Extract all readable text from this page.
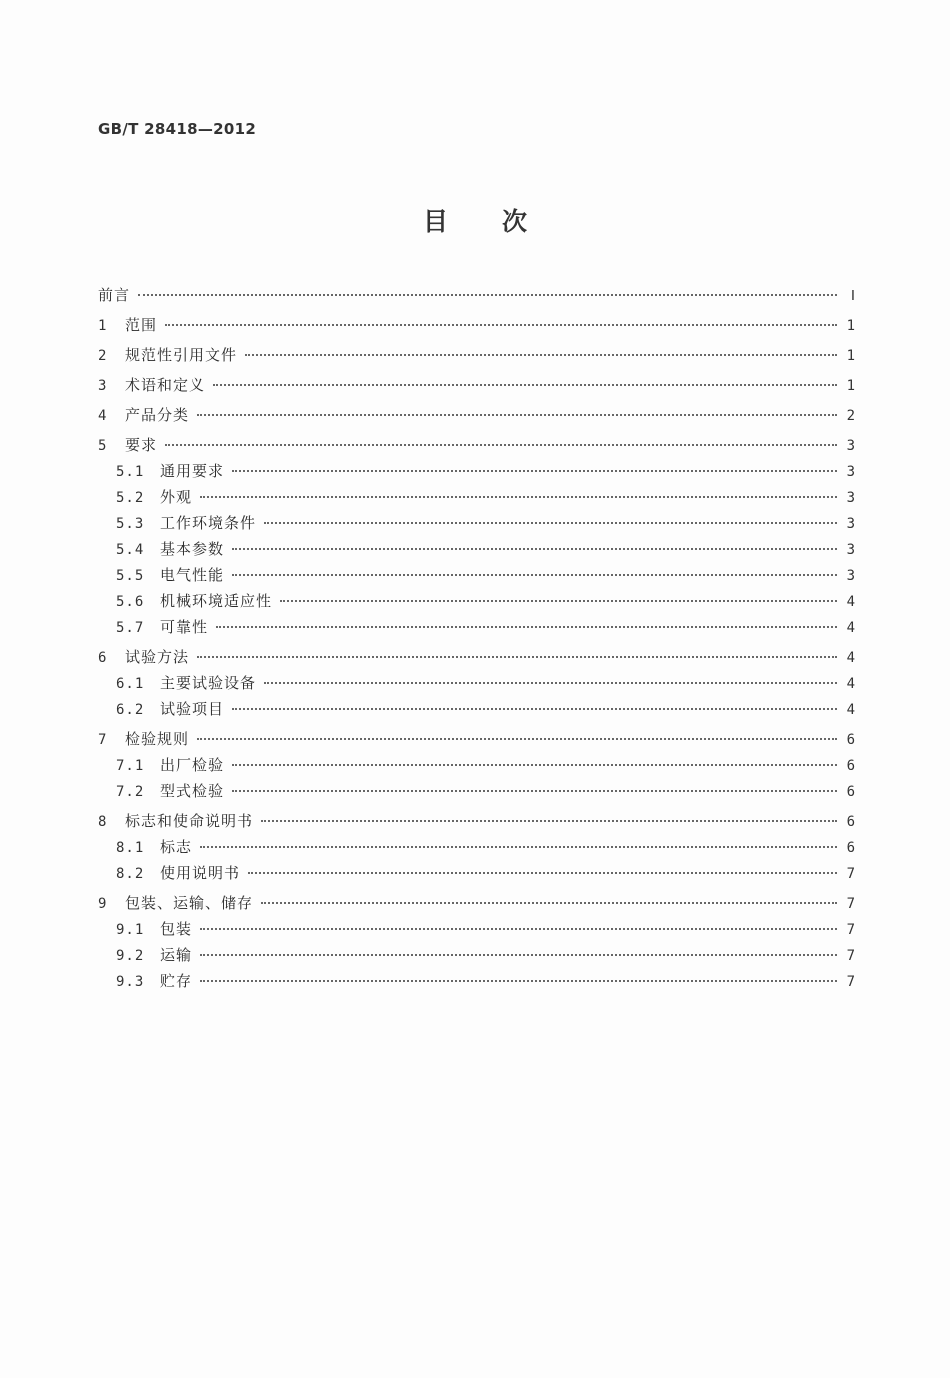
GB/T 28418—2012
目 次
前言	Ⅰ
1	范围	1
2	规范性引用文件	1
3	术语和定义	1
4	产品分类	2
5	要求	3
5.1	通用要求	3
5.2	外观	3
5.3	工作环境条件	3
5.4	基本参数	3
5.5	电气性能	3
5.6	机械环境适应性	4
5.7	可靠性	4
6	试验方法	4
6.1	主要试验设备	4
6.2	试验项目	4
7	检验规则	6
7.1	出厂检验	6
7.2	型式检验	6
8	标志和使命说明书	6
8.1	标志	6
8.2	使用说明书	7
9	包装、运输、储存	7
9.1	包装	7
9.2	运输	7
9.3	贮存	7
